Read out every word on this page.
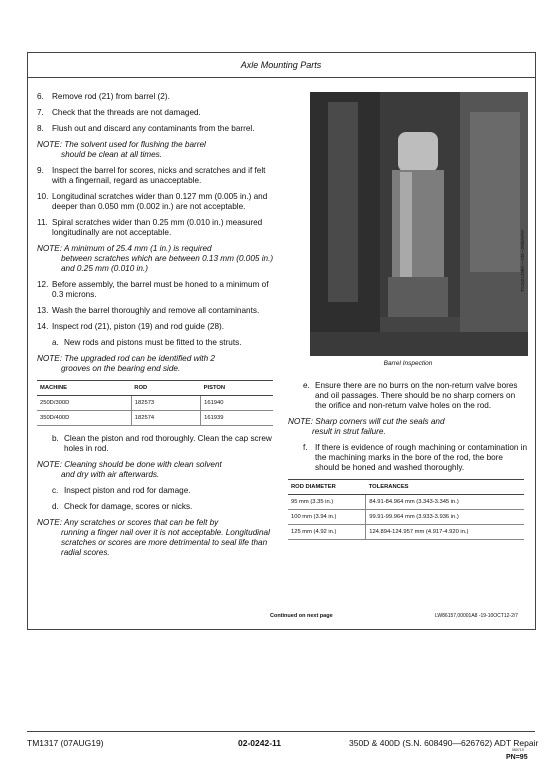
Axle Mounting Parts
6. Remove rod (21) from barrel (2).
7. Check that the threads are not damaged.
8. Flush out and discard any contaminants from the barrel.
NOTE: The solvent used for flushing the barrel
should be clean at all times.
9. Inspect the barrel for scores, nicks and scratches and if felt with a fingernail, regard as unacceptable.
10. Longitudinal scratches wider than 0.127 mm (0.005 in.) and deeper than 0.050 mm (0.002 in.) are not acceptable.
11. Spiral scratches wider than 0.25 mm (0.010 in.) measured longitudinally are not acceptable.
NOTE: A minimum of 25.4 mm (1 in.) is required
between scratches which are between 0.13 mm (0.005 in.) and 0.25 mm (0.010 in.)
12. Before assembly, the barrel must be honed to a minimum of 0.3 microns.
13. Wash the barrel thoroughly and remove all contaminants.
14. Inspect rod (21), piston (19) and rod guide (28).
a. New rods and pistons must be fitted to the struts.
NOTE: The upgraded rod can be identified with 2
grooves on the bearing end side.
MACHINE	ROD	PISTON
250D/300D	182573	161940
350D/400D	182574	161939
b. Clean the piston and rod thoroughly. Clean the cap screw holes in rod.
NOTE: Cleaning should be done with clean solvent
and dry with air afterwards.
c. Inspect piston and rod for damage.
d. Check for damage, scores or nicks.
NOTE: Any scratches or scores that can be felt by
running a finger nail over it is not acceptable. Longitudinal scratches or scores are more detrimental to seal life than radial scores.
Barrel Inspection
e. Ensure there are no burrs on the non-return valve bores and oil passages. There should be no sharp corners on the orifice and non-return valve holes on the rod.
NOTE: Sharp corners will cut the seals and
result in strut failure.
f. If there is evidence of rough machining or contamination in the machining marks in the bore of the rod, the bore should be honed and washed thoroughly.
ROD DIAMETER	TOLERANCES
95 mm (3.35 in.)	84.91-84.964 mm (3.343-3.345 in.)
100 mm (3.94 in.)	99.91-99.964 mm (3.933-3.936 in.)
125 mm (4.92 in.)	124.894-124.957 mm (4.917-4.920 in.)
TX1021298A —UN—29MAY07
Continued on next page	LW86157,00001A8 -19-10OCT12-2/7
TM1317 (07AUG19)	02-0242-11	350D & 400D (S.N. 608490—626762) ADT Repair
060719
PN=95
